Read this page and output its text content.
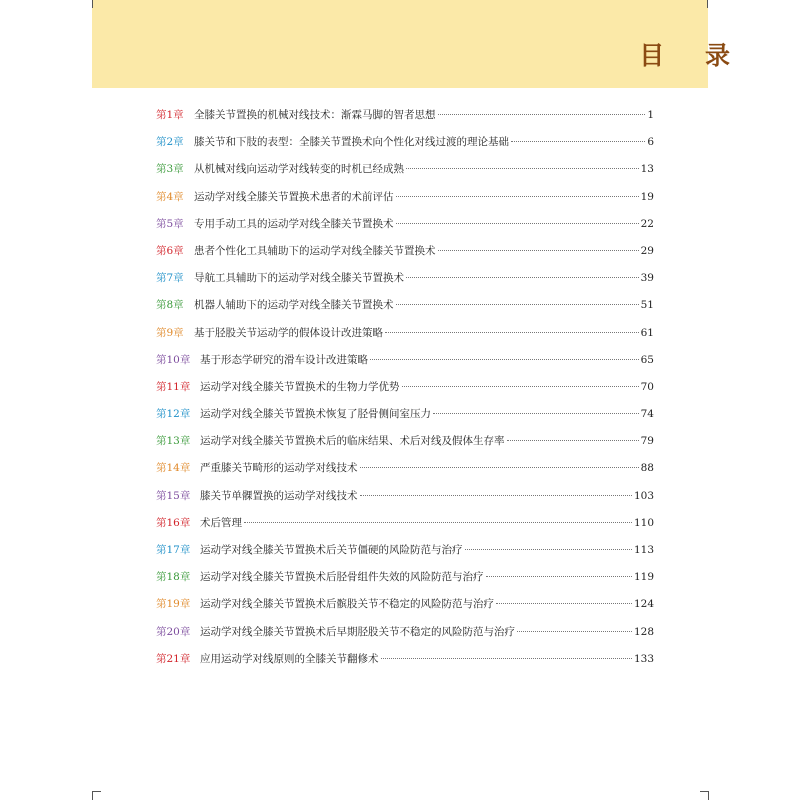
目 录
第1章 全膝关节置换的机械对线技术：渐霖马脚的智者思想	1
第2章 膝关节和下肢的表型：全膝关节置换术向个性化对线过渡的理论基础	6
第3章 从机械对线向运动学对线转变的时机已经成熟	13
第4章 运动学对线全膝关节置换术患者的术前评估	19
第5章 专用手动工具的运动学对线全膝关节置换术	22
第6章 患者个性化工具辅助下的运动学对线全膝关节置换术	29
第7章 导航工具辅助下的运动学对线全膝关节置换术	39
第8章 机器人辅助下的运动学对线全膝关节置换术	51
第9章 基于胫股关节运动学的假体设计改进策略	61
第10章 基于形态学研究的滑车设计改进策略	65
第11章 运动学对线全膝关节置换术的生物力学优势	70
第12章 运动学对线全膝关节置换术恢复了胫骨侧间室压力	74
第13章 运动学对线全膝关节置换术后的临床结果、术后对线及假体生存率	79
第14章 严重膝关节畸形的运动学对线技术	88
第15章 膝关节单髁置换的运动学对线技术	103
第16章 术后管理	110
第17章 运动学对线全膝关节置换术后关节僵硬的风险防范与治疗	113
第18章 运动学对线全膝关节置换术后胫骨组件失效的风险防范与治疗	119
第19章 运动学对线全膝关节置换术后髌股关节不稳定的风险防范与治疗	124
第20章 运动学对线全膝关节置换术后早期胫股关节不稳定的风险防范与治疗	128
第21章 应用运动学对线原则的全膝关节翻修术	133
